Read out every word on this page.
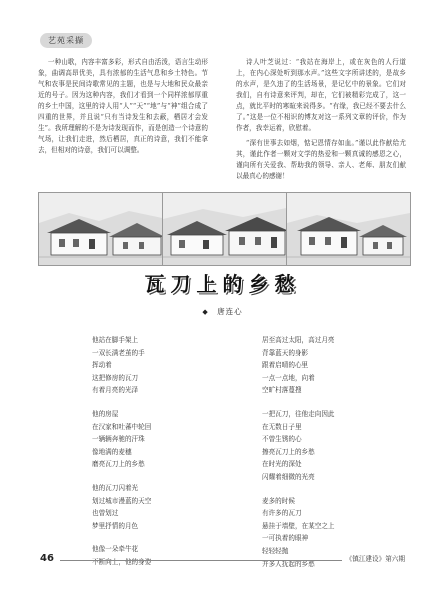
艺苑采撷

一种山歌，内容丰富多彩，形式自由活泼，语言生动形象，曲调高昂优美，具有浓郁的生活气息和乡土特色。节气和农事是民间诗歌常见的主题，也是与大地和民众最亲近的号子。因为这种内容，我们才看到一个同样浓郁厚重的乡土中国，这里的诗人用“人”“天”“地”与“神”组合成了四重的世界，并且说“只有当诗发生和去蔽，栖居才会发生”。我所理解的不是为诗发现而作，而是创造一个诗意的气场，让我们走进，然后栖居，真正的诗意，我们不能拿去，但相对的诗意，我们可以调整。

诗人叶芝说过：“我站在海岸上，或在灰色的人行道上，在内心深处听到那水声。”这些文字所讲述的，是故乡的水声，是久违了的生活场景，是记忆中的景象。它们对我们，自有诗意来评判，却在，它们被精彩完成了，这一点，就比平时的寒暄来说得多。“有缘，我已经不要去什么了。”这是一位不相识的博友对这一系列文章的评价，作为作者，我幸运着，欣慰着。

“深有世事去如烟，惦记恩情存如血。”谨以此作献给尤其，谨此作者一颗对文学的热爱和一颗真诚的感恩之心，谨向所有关爱我、帮助我的领导、亲人、老师、朋友们献以最真心的感谢！

瓦刀上的乡愁
◆ 唐连心
他站在脚手架上
一双长满老茧的手
挥动着
这把修房的瓦刀
有着月亮的光泽
他的房屋
在汉家和吐蕃中轮回
一辆辆奔驰的汗珠
像地满的麦穗
磨亮瓦刀上的乡愁
他的瓦刀闪着光
划过城市漫蓝的天空
也曾划过
梦里抒情的月色
他像一朵牵牛花
不断向上，他的身姿
居至高过太阳，高过月亮
背靠蓝天的身影
跟着启晴的心里
一点一点地，向着
空旷村落蔓搜
一把瓦刀，往他走向因此
在无数日子里
不曾生锈的心
擦亮瓦刀上的乡愁
在时光的深处
闪耀着细微的光亮
麦多的时候
有许多的瓦刀
悬挂于墙壁，在某空之上
一可执着的眼神
轻轻轻抛
并多人抚起的乡愁
46	《镇江建设》第六期
